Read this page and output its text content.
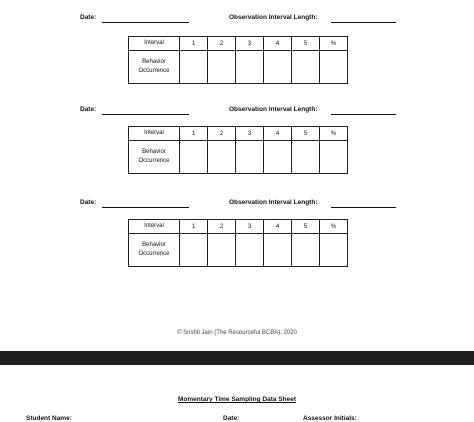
Date:	Observation Interval Length:
Interval	1	2	3	4	5	%
Behavior
Occurrence						
Date:	Observation Interval Length:
Interval	1	2	3	4	5	%
Behavior
Occurrence						
Date:	Observation Interval Length:
Interval	1	2	3	4	5	%
Behavior
Occurrence						
© Srishti Jain (The Resourceful BCBA), 2020
Momentary Time Sampling Data Sheet
Student Name:	Date:	Assessor Initials:
